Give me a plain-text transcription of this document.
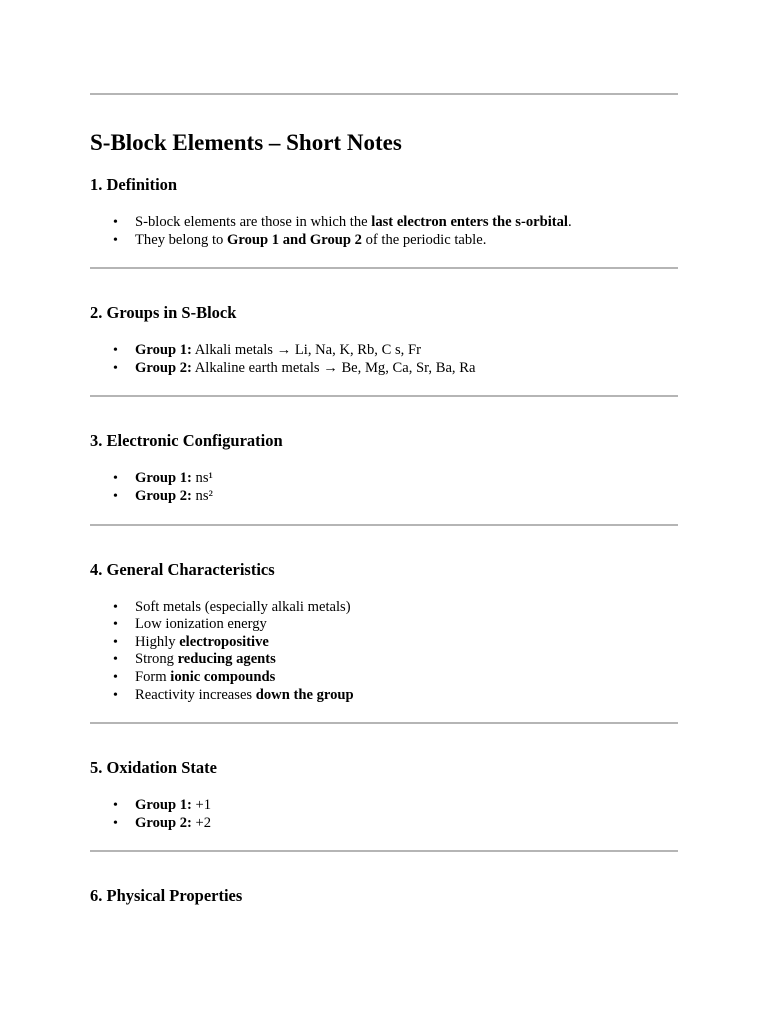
S-Block Elements – Short Notes
1. Definition
• S-block elements are those in which the last electron enters the s-orbital.
• They belong to Group 1 and Group 2 of the periodic table.
2. Groups in S-Block
• Group 1: Alkali metals → Li, Na, K, Rb, C s, Fr
• Group 2: Alkaline earth metals → Be, Mg, Ca, Sr, Ba, Ra
3. Electronic Configuration
• Group 1: ns¹
• Group 2: ns²
4. General Characteristics
• Soft metals (especially alkali metals)
• Low ionization energy
• Highly electropositive
• Strong reducing agents
• Form ionic compounds
• Reactivity increases down the group
5. Oxidation State
• Group 1: +1
• Group 2: +2
6. Physical Properties
